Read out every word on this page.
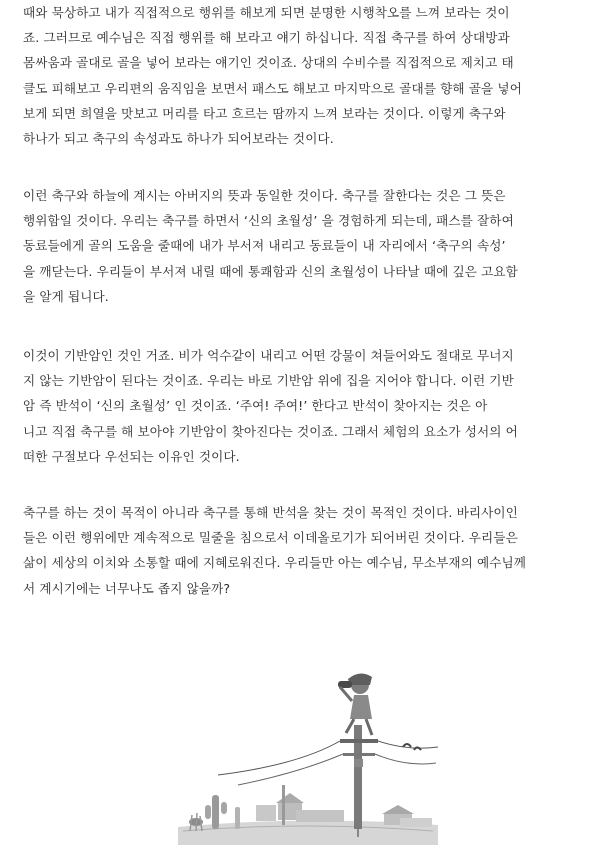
때와 묵상하고 내가 직접적으로 행위를 해보게 되면 분명한 시행착오를 느껴 보라는 것이
죠. 그러므로 예수님은 직접 행위를 해 보라고 얘기 하십니다. 직접 축구를 하여 상대방과
몸싸움과 골대로 골을 넣어 보라는 얘기인 것이죠. 상대의 수비수를 직접적으로 제치고 태
클도 피해보고 우리편의 움직임을 보면서 패스도 해보고 마지막으로 골대를 향해 골을 넣어
보게 되면 희열을 맛보고 머리를 타고 흐르는 땀까지 느껴 보라는 것이다. 이렇게 축구와
하나가 되고 축구의 속성과도 하나가 되어보라는 것이다.

이런 축구와 하늘에 계시는 아버지의 뜻과 동일한 것이다. 축구를 잘한다는 것은 그 뜻은
행위함일 것이다. 우리는 축구를 하면서 ‘신의 초월성’ 을 경험하게 되는데, 패스를 잘하여
동료들에게 골의 도움을 줄때에 내가 부서져 내리고 동료들이 내 자리에서 ‘축구의 속성’
을 깨닫는다. 우리들이 부서져 내릴 때에 통쾌함과 신의 초월성이 나타날 때에 깊은 고요함
을 알게 됩니다.

이것이 기반암인 것인 거죠. 비가 억수같이 내리고 어떤 강물이 쳐들어와도 절대로 무너지
지 않는 기반암이 된다는 것이죠. 우리는 바로 기반암 위에 집을 지어야 합니다. 이런 기반
암 즉 반석이 ‘신의 초월성’ 인 것이죠. ‘주여! 주여!’ 한다고 반석이 찾아지는 것은 아
니고 직접 축구를 해 보아야 기반암이 찾아진다는 것이죠. 그래서 체험의 요소가 성서의 어
떠한 구절보다 우선되는 이유인 것이다.

축구를 하는 것이 목적이 아니라 축구를 통해 반석을 찾는 것이 목적인 것이다. 바리사이인
들은 이런 행위에만 계속적으로 밀줄을 침으로서 이데올로기가 되어버린 것이다. 우리들은
삶이 세상의 이치와 소통할 때에 지혜로워진다. 우리들만 아는 예수님, 무소부재의 예수님께
서 계시기에는 너무나도 좁지 않을까?
